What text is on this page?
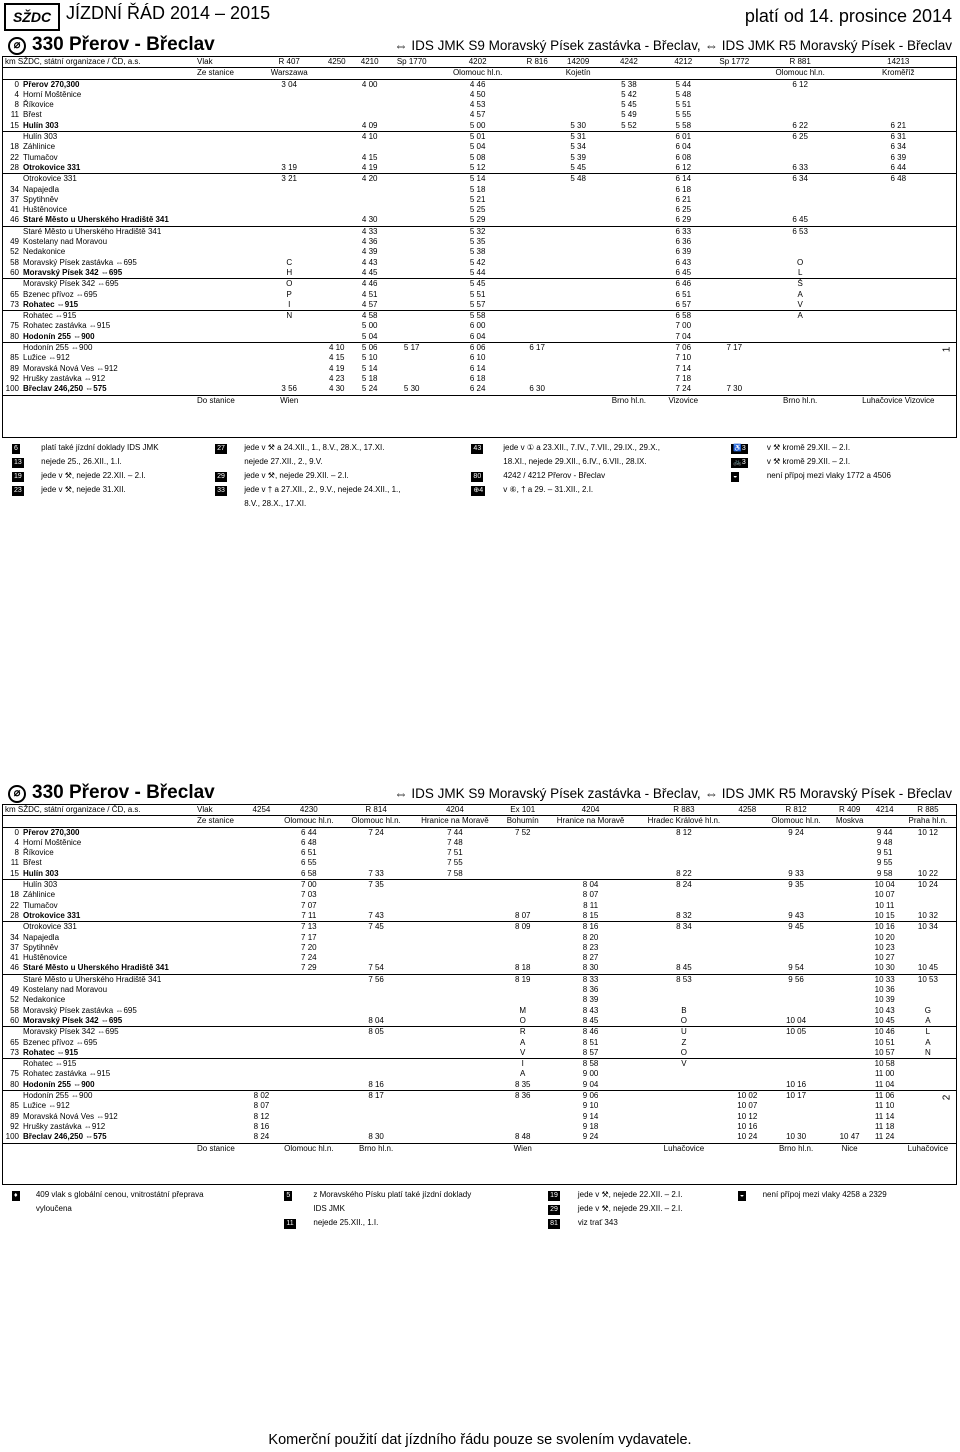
SŽDC JÍZDNÍ ŘÁD 2014 – 2015	platí od 14. prosince 2014
⌀ 330 Přerov - Břeclav	⇔ IDS JMK S9 Moravský Písek zastávka - Břeclav, ⇔ IDS JMK R5 Moravský Písek - Břeclav
km SŽDC, státní organizace / ČD, a.s.		Vlak	R 407	4250	4210	Sp 1770	4202	R 816	14209	4242	4212	Sp 1772	R 881	14213
		Ze stanice	Warszawa				Olomouc hl.n.		Kojetín				Olomouc hl.n.	Kroměříž
0	Přerov 270,300		3 04		4 00		4 46			5 38	5 44		6 12	
4	Horní Moštěnice						4 50			5 42	5 48			
8	Říkovice						4 53			5 45	5 51			
11	Břest						4 57			5 49	5 55			
15	Hulín 303				4 09		5 00		5 30	5 52	5 58		6 22	6 21
	Hulín 303				4 10		5 01		5 31		6 01		6 25	6 31
18	Záhlinice						5 04		5 34		6 04			6 34
22	Tlumačov				4 15		5 08		5 39		6 08			6 39
28	Otrokovice 331		3 19		4 19		5 12		5 45		6 12		6 33	6 44
	Otrokovice 331		3 21		4 20		5 14		5 48		6 14		6 34	6 48
34	Napajedla						5 18				6 18			
37	Spytihněv						5 21				6 21			
41	Huštěnovice						5 25				6 25			
46	Staré Město u Uherského Hradiště 341				4 30		5 29				6 29		6 45	
	Staré Město u Uherského Hradiště 341				4 33		5 32				6 33		6 53	
49	Kostelany nad Moravou				4 36		5 35				6 36			
52	Nedakonice				4 39		5 38				6 39			
58	Moravský Písek zastávka ⇔695		C		4 43		5 42				6 43		O	
60	Moravský Písek 342 ⇔695		H		4 45		5 44				6 45		L	
	Moravský Písek 342 ⇔695		O		4 46		5 45				6 46		Š	
65	Bzenec přívoz ⇔695		P		4 51		5 51				6 51		A	
73	Rohatec ⇔915		I		4 57		5 57				6 57		V	
	Rohatec ⇔915		N		4 58		5 58				6 58		A	
75	Rohatec zastávka ⇔915				5 00		6 00				7 00			
80	Hodonín 255 ⇔900				5 04		6 04				7 04			
	Hodonín 255 ⇔900			4 10	5 06	5 17	6 06	6 17			7 06	7 17		
85	Lužice ⇔912			4 15	5 10		6 10				7 10			
89	Moravská Nová Ves ⇔912			4 19	5 14		6 14				7 14			
92	Hrušky zastávka ⇔912			4 23	5 18		6 18				7 18			
100	Břeclav 246,250 ⇔575		3 56	4 30	5 24	5 30	6 24	6 30			7 24	7 30		
		Do stanice	Wien							Brno hl.n.	Vizovice		Brno hl.n.	Luhačovice Vizovice
6	platí také jízdní doklady IDS JMK	27	jede v ⚒ a 24.XII., 1., 8.V., 28.X., 17.XI.	43	jede v ① a 23.XII., 7.IV., 7.VII., 29.IX., 29.X.,	♿3	v ⚒ kromě 29.XII. – 2.I.
13	nejede 25., 26.XII., 1.I.		nejede 27.XII., 2., 9.V.		18.XI., nejede 29.XII., 6.IV., 6.VII., 28.IX.	🚲3	v ⚒ kromě 29.XII. – 2.I.
19	jede v ⚒, nejede 22.XII. – 2.I.	29	jede v ⚒, nejede 29.XII. – 2.I.	80	4242 / 4212 Přerov - Břeclav	◒	není přípoj mezi vlaky 1772 a 4506
23	jede v ⚒, nejede 31.XII.	33	jede v † a 27.XII., 2., 9.V., nejede 24.XII., 1.,	⊕4	v ⑥, † a 29. – 31.XII., 2.I.		
			8.V., 28.X., 17.XI.				
1
⌀ 330 Přerov - Břeclav	⇔ IDS JMK S9 Moravský Písek zastávka - Břeclav, ⇔ IDS JMK R5 Moravský Písek - Břeclav
km SŽDC, státní organizace / ČD, a.s.		Vlak	4254	4230	R 814	4204	Ex 101	4204	R 883	4258	R 812	R 409	4214	R 885
		Ze stanice		Olomouc hl.n.	Olomouc hl.n.	Hranice na Moravě	Bohumín	Hranice na Moravě	Hradec Králové hl.n.		Olomouc hl.n.	Moskva		Praha hl.n.
0	Přerov 270,300			6 44	7 24	7 44	7 52		8 12		9 24		9 44	10 12
4	Horní Moštěnice			6 48		7 48							9 48	
8	Říkovice			6 51		7 51							9 51	
11	Břest			6 55		7 55							9 55	
15	Hulín 303			6 58	7 33	7 58			8 22		9 33		9 58	10 22
	Hulín 303			7 00	7 35			8 04	8 24		9 35		10 04	10 24
18	Záhlinice			7 03				8 07					10 07	
22	Tlumačov			7 07				8 11					10 11	
28	Otrokovice 331			7 11	7 43		8 07	8 15	8 32		9 43		10 15	10 32
	Otrokovice 331			7 13	7 45		8 09	8 16	8 34		9 45		10 16	10 34
34	Napajedla			7 17				8 20					10 20	
37	Spytihněv			7 20				8 23					10 23	
41	Huštěnovice			7 24				8 27					10 27	
46	Staré Město u Uherského Hradiště 341			7 29	7 54		8 18	8 30	8 45		9 54		10 30	10 45
	Staré Město u Uherského Hradiště 341				7 56		8 19	8 33	8 53		9 56		10 33	10 53
49	Kostelany nad Moravou							8 36					10 36	
52	Nedakonice							8 39					10 39	
58	Moravský Písek zastávka ⇔695						M	8 43	B				10 43	G
60	Moravský Písek 342 ⇔695				8 04		O	8 45	O		10 04		10 45	A
	Moravský Písek 342 ⇔695				8 05		R	8 46	U		10 05		10 46	L
65	Bzenec přívoz ⇔695						A	8 51	Z				10 51	A
73	Rohatec ⇔915						V	8 57	O				10 57	N
	Rohatec ⇔915						I	8 58	V				10 58	
75	Rohatec zastávka ⇔915						A	9 00					11 00	
80	Hodonín 255 ⇔900				8 16		8 35	9 04			10 16		11 04	
	Hodonín 255 ⇔900		8 02		8 17		8 36	9 06		10 02	10 17		11 06	
85	Lužice ⇔912		8 07					9 10		10 07			11 10	
89	Moravská Nová Ves ⇔912		8 12					9 14		10 12			11 14	
92	Hrušky zastávka ⇔912		8 16					9 18		10 16			11 18	
100	Břeclav 246,250 ⇔575		8 24		8 30		8 48	9 24		10 24	10 30	10 47	11 24	
		Do stanice		Olomouc hl.n.	Brno hl.n.		Wien		Luhačovice		Brno hl.n.	Nice		Luhačovice
♦	409 vlak s globální cenou, vnitrostátní přeprava	5	z Moravského Písku platí také jízdní doklady	19	jede v ⚒, nejede 22.XII. – 2.I.	◒	není přípoj mezi vlaky 4258 a 2329
	vyloučena		IDS JMK	29	jede v ⚒, nejede 29.XII. – 2.I.		
		11	nejede 25.XII., 1.I.	81	viz trať 343		
2
Komerční použití dat jízdního řádu pouze se svolením vydavatele.
